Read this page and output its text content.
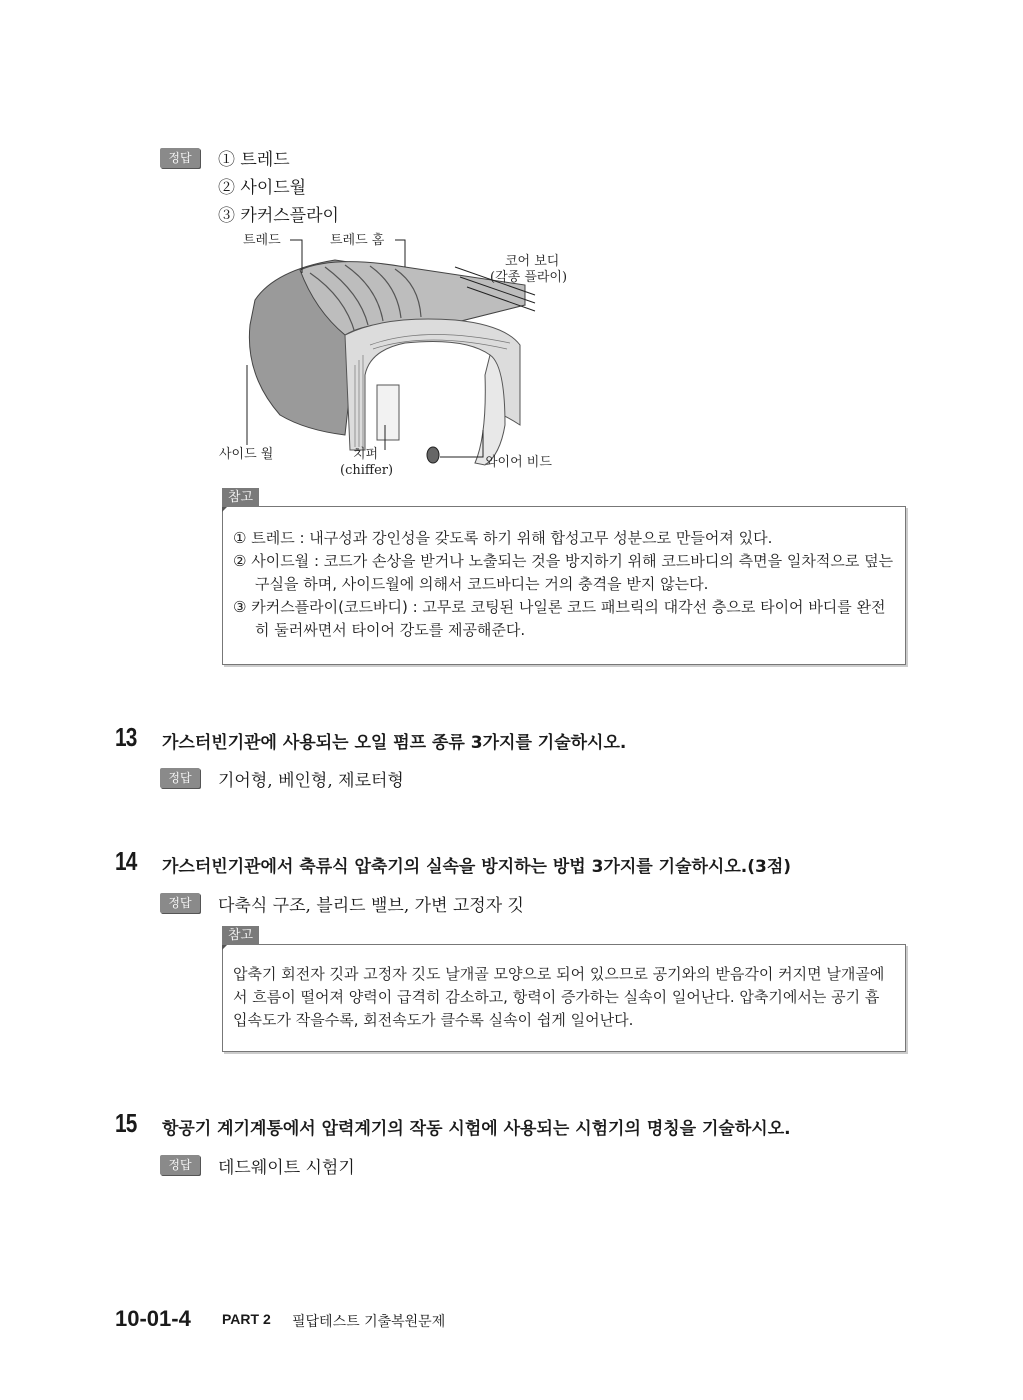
정답	① 트레드
② 사이드월
③ 카커스플라이
트레드	트레드 홈
코어 보디
(각종 플라이)
사이드 월	치퍼
(chiffer)
와이어 비드
참고
① 트레드 : 내구성과 강인성을 갖도록 하기 위해 합성고무 성분으로 만들어져 있다.
② 사이드월 : 코드가 손상을 받거나 노출되는 것을 방지하기 위해 코드바디의 측면을 일차적으로 덮는
구실을 하며, 사이드월에 의해서 코드바디는 거의 충격을 받지 않는다.
③ 카커스플라이(코드바디) : 고무로 코팅된 나일론 코드 패브릭의 대각선 층으로 타이어 바디를 완전
히 둘러싸면서 타이어 강도를 제공해준다.
13 가스터빈기관에 사용되는 오일 펌프 종류 3가지를 기술하시오.
정답	기어형, 베인형, 제로터형
14 가스터빈기관에서 축류식 압축기의 실속을 방지하는 방법 3가지를 기술하시오.(3점)
정답	다축식 구조, 블리드 밸브, 가변 고정자 깃
참고
압축기 회전자 깃과 고정자 깃도 날개골 모양으로 되어 있으므로 공기와의 받음각이 커지면 날개골에
서 흐름이 떨어져 양력이 급격히 감소하고, 항력이 증가하는 실속이 일어난다. 압축기에서는 공기 흡
입속도가 작을수록, 회전속도가 클수록 실속이 쉽게 일어난다.
15 항공기 계기계통에서 압력계기의 작동 시험에 사용되는 시험기의 명칭을 기술하시오.
정답	데드웨이트 시험기
10-01-4 PART 2 필답테스트 기출복원문제
